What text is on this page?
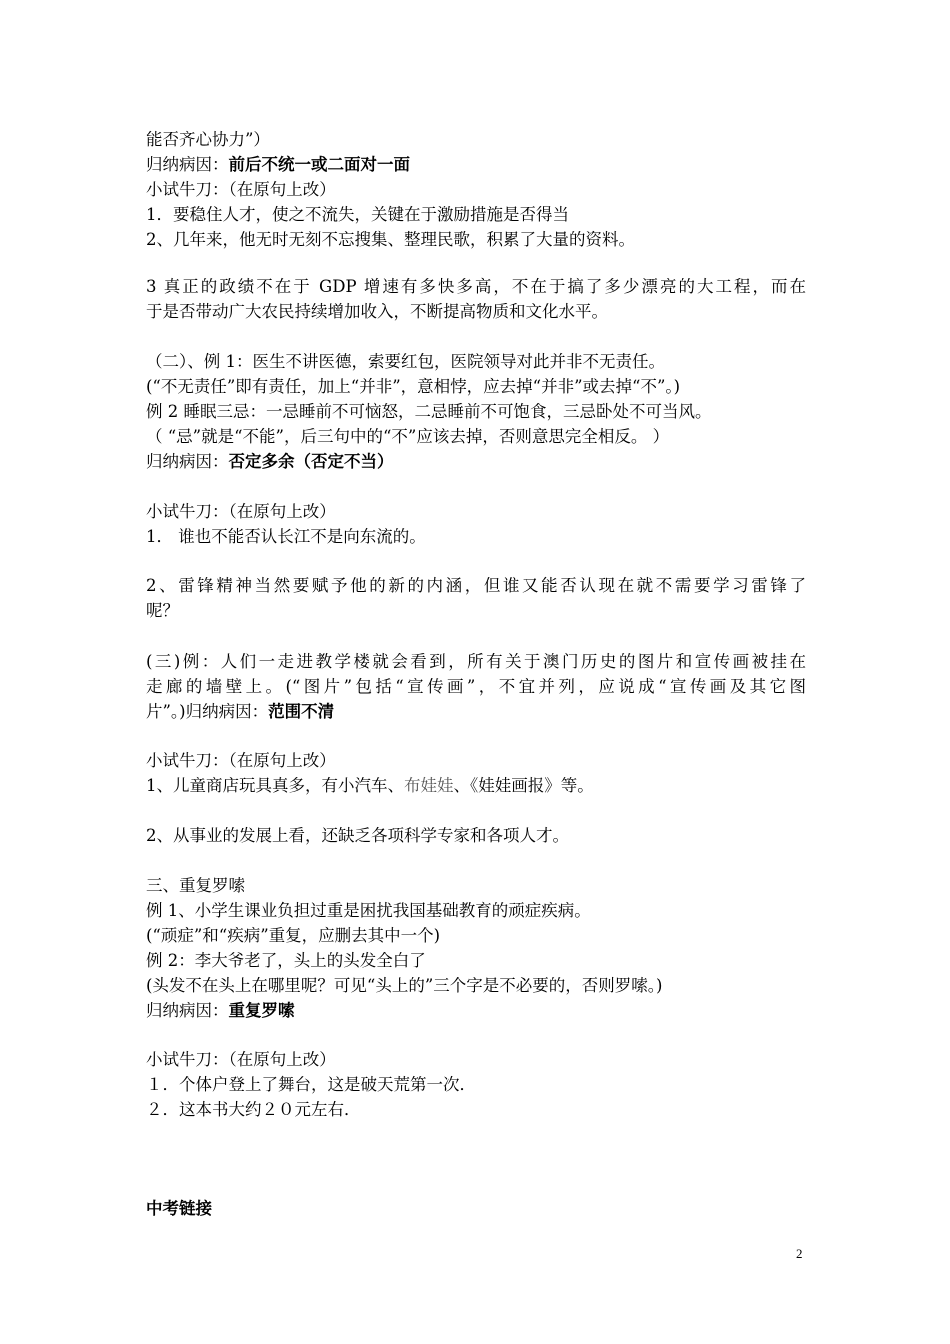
能否齐心协力”）
归纳病因：前后不统一或二面对一面
小试牛刀：（在原句上改）
1．要稳住人才，使之不流失，关键在于激励措施是否得当
2、几年来，他无时无刻不忘搜集、整理民歌，积累了大量的资料。
3 真正的政绩不在于 GDP 增速有多快多高，不在于搞了多少漂亮的大工程，而在
于是否带动广大农民持续增加收入，不断提高物质和文化水平。
（二）、例 1：医生不讲医德，索要红包，医院领导对此并非不无责任。
(“不无责任”即有责任，加上“并非”，意相悖，应去掉“并非”或去掉“不”。)
例 2 睡眠三忌：一忌睡前不可恼怒，二忌睡前不可饱食，三忌卧处不可当风。
（ “忌”就是“不能”，后三句中的“不”应该去掉，否则意思完全相反。 ）
归纳病因：否定多余（否定不当）
小试牛刀：（在原句上改）
1． 谁也不能否认长江不是向东流的。
2、雷锋精神当然要赋予他的新的内涵，但谁又能否认现在就不需要学习雷锋了
呢？
(三)例：人们一走进教学楼就会看到，所有关于澳门历史的图片和宣传画被挂在
走廊的墙壁上。(“图片”包括“宣传画”，不宜并列，应说成“宣传画及其它图
片”。)归纳病因：范围不清
小试牛刀：（在原句上改）
1、儿童商店玩具真多，有小汽车、布娃娃、《娃娃画报》等。
2、从事业的发展上看，还缺乏各项科学专家和各项人才。
三、重复罗嗦
例 1、小学生课业负担过重是困扰我国基础教育的顽症疾病。
(“顽症”和“疾病”重复，应删去其中一个)
例 2：李大爷老了，头上的头发全白了
(头发不在头上在哪里呢？可见“头上的”三个字是不必要的，否则罗嗦。)
归纳病因：重复罗嗦
小试牛刀：（在原句上改）
１．个体户登上了舞台，这是破天荒第一次．
２．这本书大约２０元左右．
中考链接
2
